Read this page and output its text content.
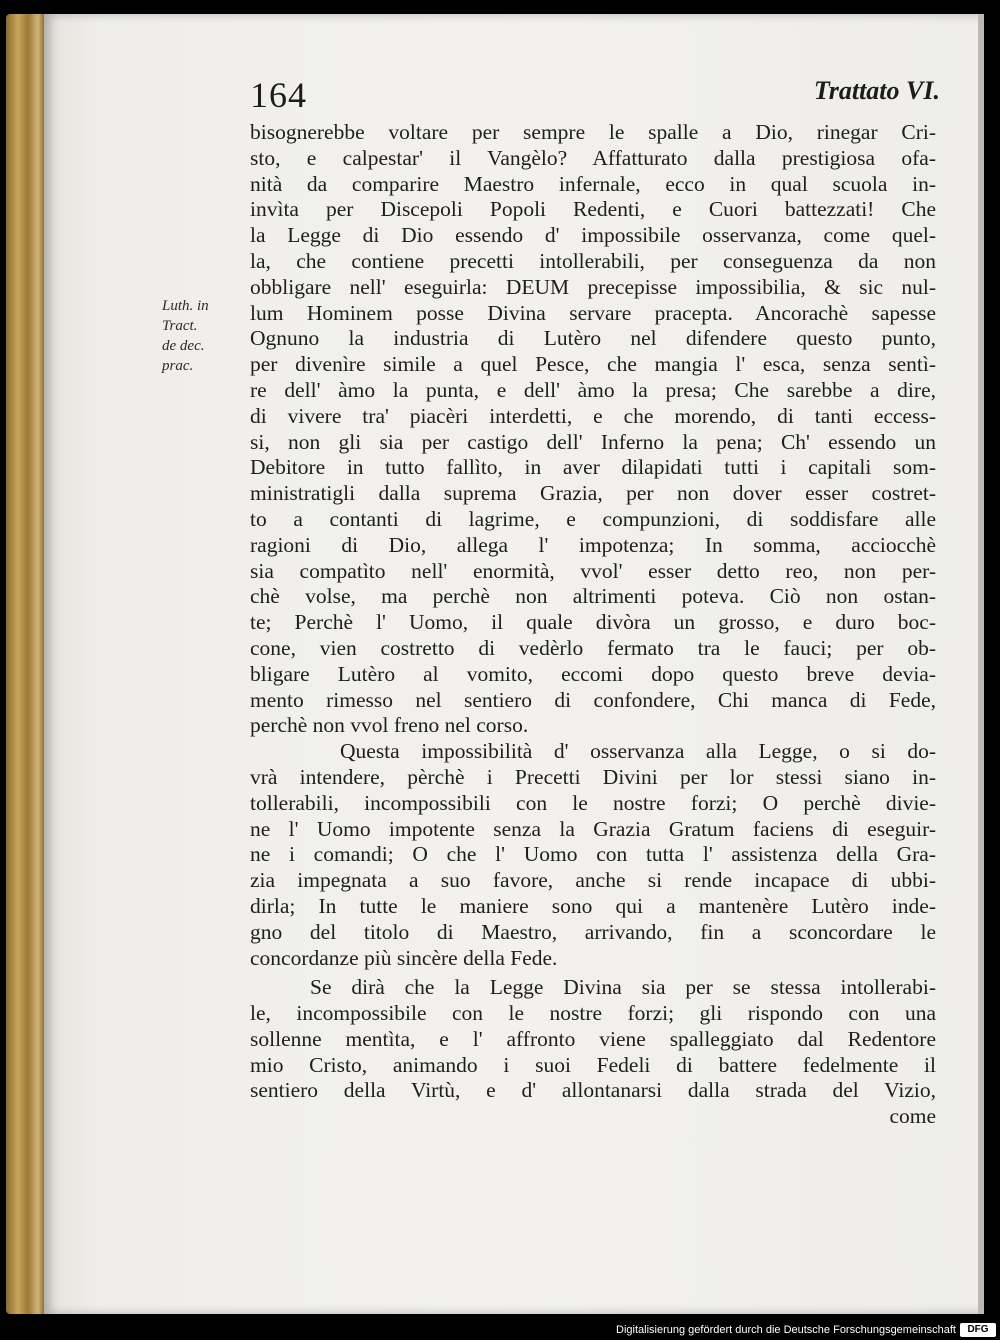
164	Trattato VI.
Luth. in
Tract.
de dec.
prac.
bisognerebbe voltare per sempre le spalle a Dio, rinegar Cri-
sto, e calpestar' il Vangèlo? Affatturato dalla prestigiosa ofa-
nità da comparire Maestro infernale, ecco in qual scuola in-
invìta per Discepoli Popoli Redenti, e Cuori battezzati! Che
la Legge di Dio essendo d' impossibile osservanza, come quel-
la, che contiene precetti intollerabili, per conseguenza da non
obbligare nell' eseguirla: DEUM precepisse impossibilia, & sic nul-
lum Hominem posse Divina servare pracepta. Ancorachè sapesse
Ognuno la industria di Lutèro nel difendere questo punto,
per divenìre simile a quel Pesce, che mangia l' esca, senza sentì-
re dell' àmo la punta, e dell' àmo la presa; Che sarebbe a dire,
di vivere tra' piacèri interdetti, e che morendo, di tanti eccess-
si, non gli sia per castigo dell' Inferno la pena; Ch' essendo un
Debitore in tutto fallìto, in aver dilapidati tutti i capitali som-
ministratigli dalla suprema Grazia, per non dover esser costret-
to a contanti di lagrime, e compunzioni, di soddisfare alle
ragioni di Dio, allega l' impotenza; In somma, acciocchè
sia compatìto nell' enormità, vvol' esser detto reo, non per-
chè volse, ma perchè non altrimenti poteva. Ciò non ostan-
te; Perchè l' Uomo, il quale divòra un grosso, e duro boc-
cone, vien costretto di vedèrlo fermato tra le fauci; per ob-
bligare Lutèro al vomito, eccomi dopo questo breve devia-
mento rimesso nel sentiero di confondere, Chi manca di Fede,
perchè non vvol freno nel corso.
Questa impossibilità d' osservanza alla Legge, o si do-
vrà intendere, pèrchè i Precetti Divini per lor stessi siano in-
tollerabili, incompossibili con le nostre forzi; O perchè divie-
ne l' Uomo impotente senza la Grazia Gratum faciens di eseguir-
ne i comandi; O che l' Uomo con tutta l' assistenza della Gra-
zia impegnata a suo favore, anche si rende incapace di ubbi-
dirla; In tutte le maniere sono qui a mantenère Lutèro inde-
gno del titolo di Maestro, arrivando, fin a sconcordare le
concordanze più sincère della Fede.
Se dirà che la Legge Divina sia per se stessa intollerabi-
le, incompossibile con le nostre forzi; gli rispondo con una
sollenne mentìta, e l' affronto viene spalleggiato dal Redentore
mio Cristo, animando i suoi Fedeli di battere fedelmente il
sentiero della Virtù, e d' allontanarsi dalla strada del Vizio,
come
Digitalisierung gefördert durch die Deutsche Forschungsgemeinschaft	DFG
